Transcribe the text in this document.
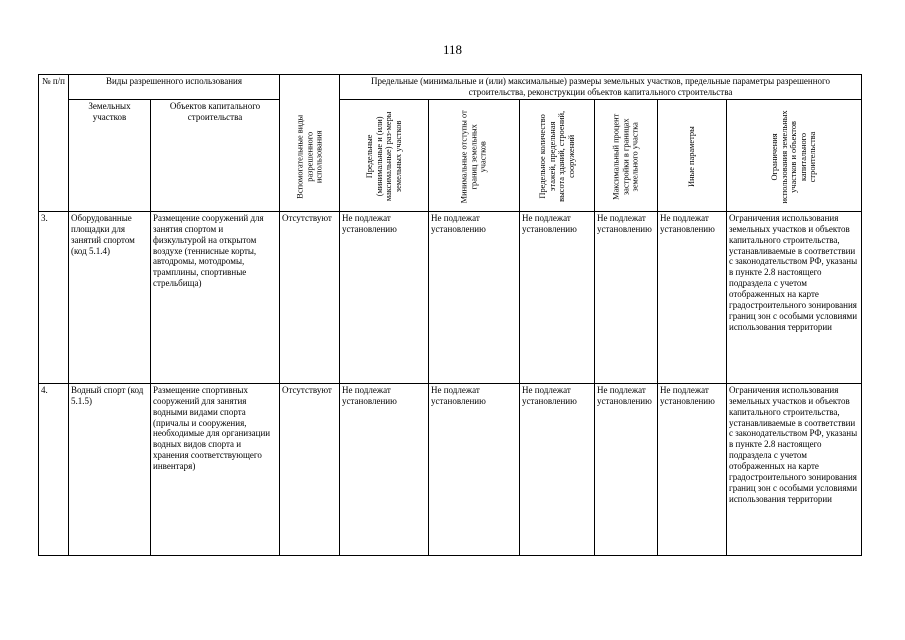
118
№ п/п	Виды разрешенного использования		Вспомогательные виды разрешенного использования	Предельные (минимальные и (или) максимальные) размеры земельных участков, предельные параметры разрешенного строительства, реконструкции объектов капитального строительства					
	Земельных участков	Объектов капитального строительства		Предельные (минимальные и (или) максимальные) раз-меры земельных участков	Минимальные отступы от границ земельных участков	Предельное количество этажей, предельная высота зданий, строений, сооружений	Максимальный процент застройки в границах земельного участка	Иные параметры	Ограничения использования земельных участков и объектов капитального строительства

3.	Оборудованные площадки для занятий спортом (код 5.1.4)	Размещение сооружений для занятия спортом и физкультурой на открытом воздухе (теннисные корты, автодромы, мотодромы, трамплины, спортивные стрельбища)	Отсутствуют	Не подлежат установлению	Не подлежат установлению	Не подлежат установлению	Не подлежат установлению	Не подлежат установлению	Ограничения использования земельных участков и объектов капитального строительства, устанавливаемые в соответствии с законодательством РФ, указаны в пункте 2.8 настоящего подраздела с учетом отображенных на карте градостроительного зонирования границ зон с особыми условиями использования территории
4.	Водный спорт (код 5.1.5)	Размещение спортивных сооружений для занятия водными видами спорта (причалы и сооружения, необходимые для организации водных видов спорта и хранения соответствующего инвентаря)	Отсутствуют	Не подлежат установлению	Не подлежат установлению	Не подлежат установлению	Не подлежат установлению	Не подлежат установлению	Ограничения использования земельных участков и объектов капитального строительства, устанавливаемые в соответствии с законодательством РФ, указаны в пункте 2.8 настоящего подраздела с учетом отображенных на карте градостроительного зонирования границ зон с особыми условиями использования территории
